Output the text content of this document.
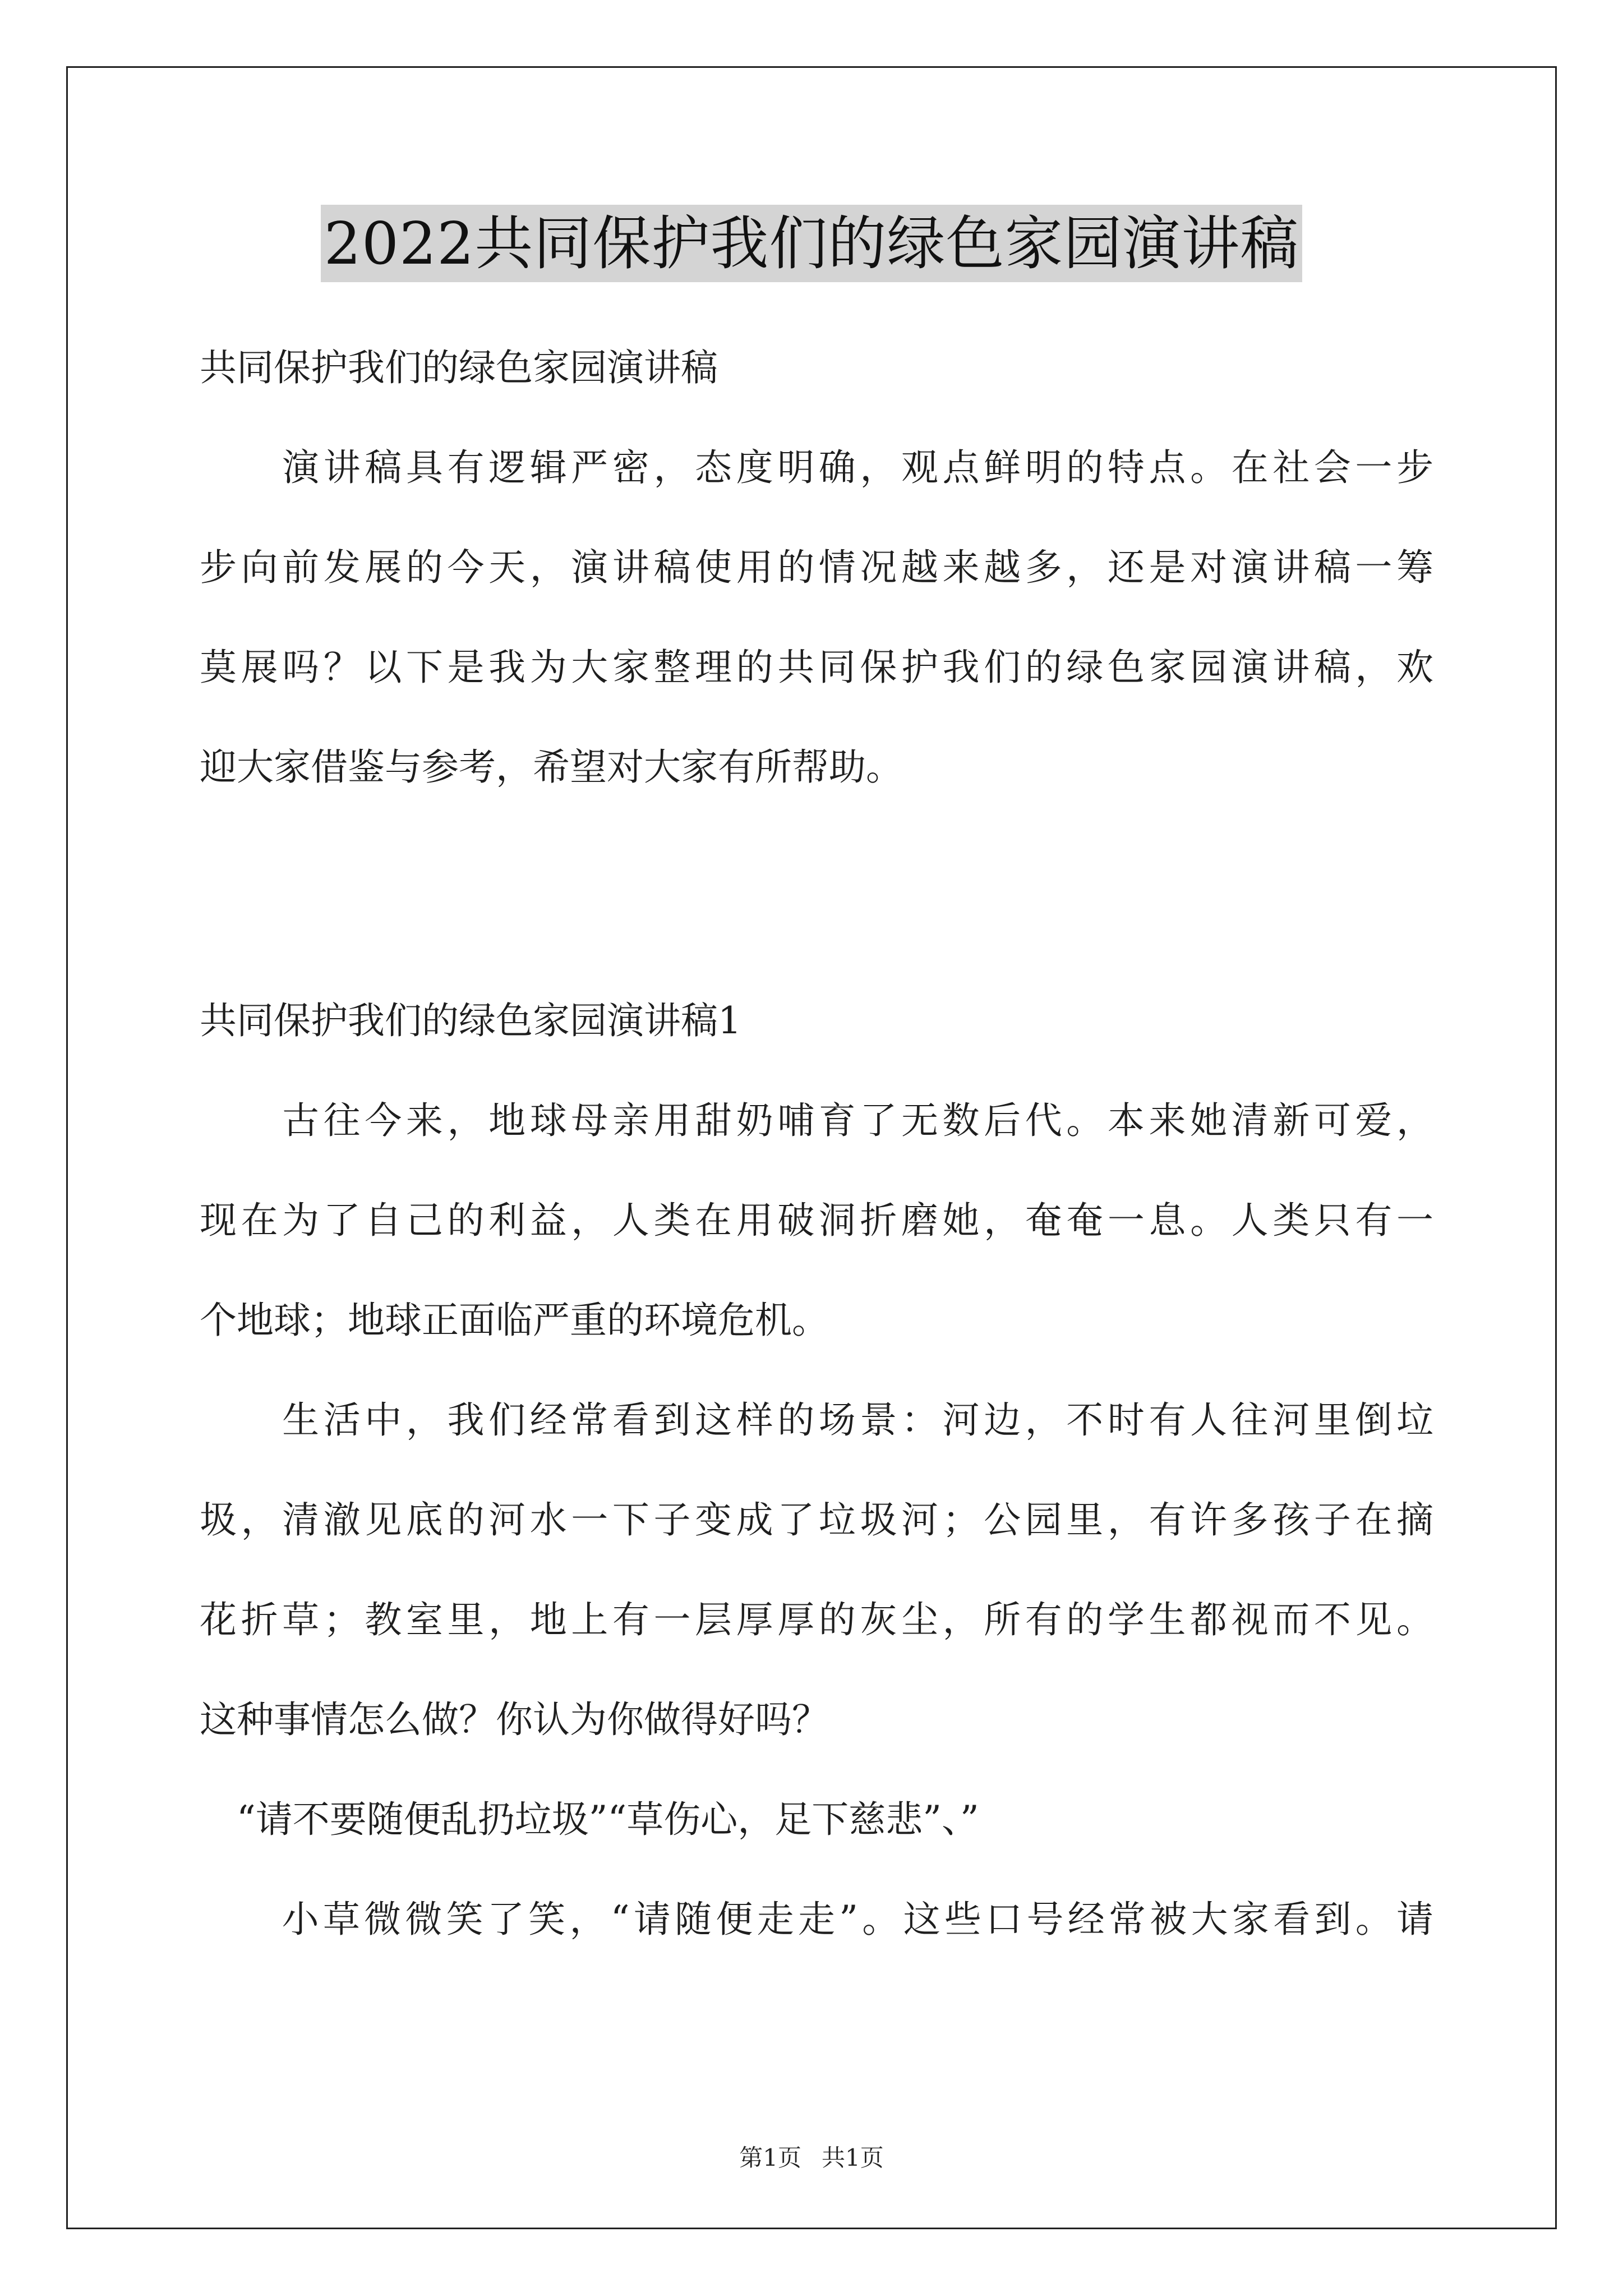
2022共同保护我们的绿色家园演讲稿
共同保护我们的绿色家园演讲稿
　　演讲稿具有逻辑严密，态度明确，观点鲜明的特点。在社会一步
步向前发展的今天，演讲稿使用的情况越来越多，还是对演讲稿一筹
莫展吗？以下是我为大家整理的共同保护我们的绿色家园演讲稿，欢
迎大家借鉴与参考，希望对大家有所帮助。
共同保护我们的绿色家园演讲稿1
　　古往今来，地球母亲用甜奶哺育了无数后代。本来她清新可爱，
现在为了自己的利益，人类在用破洞折磨她，奄奄一息。人类只有一
个地球；地球正面临严重的环境危机。
　　生活中，我们经常看到这样的场景：河边，不时有人往河里倒垃
圾，清澈见底的河水一下子变成了垃圾河；公园里，有许多孩子在摘
花折草；教室里，地上有一层厚厚的灰尘，所有的学生都视而不见。
这种事情怎么做？你认为你做得好吗？
　“请不要随便乱扔垃圾”“草伤心，足下慈悲”、”
　　小草微微笑了笑，“请随便走走”。这些口号经常被大家看到。请
第1页 共1页
